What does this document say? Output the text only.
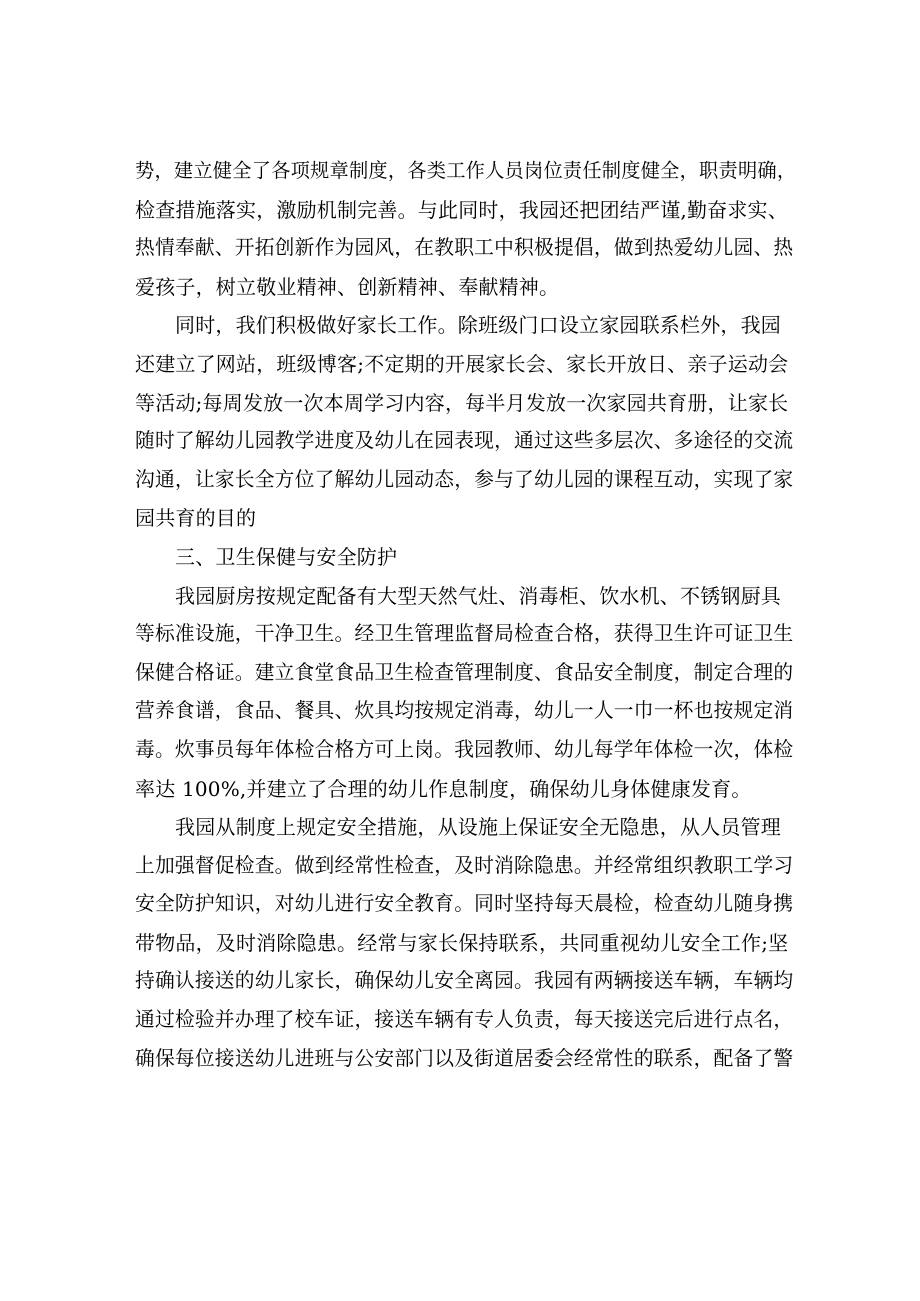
势，建立健全了各项规章制度，各类工作人员岗位责任制度健全，职责明确，
检查措施落实，激励机制完善。与此同时，我园还把团结严谨,勤奋求实、
热情奉献、开拓创新作为园风，在教职工中积极提倡，做到热爱幼儿园、热
爱孩子，树立敬业精神、创新精神、奉献精神。
同时，我们积极做好家长工作。除班级门口设立家园联系栏外，我园
还建立了网站，班级博客;不定期的开展家长会、家长开放日、亲子运动会
等活动;每周发放一次本周学习内容，每半月发放一次家园共育册，让家长
随时了解幼儿园教学进度及幼儿在园表现，通过这些多层次、多途径的交流
沟通，让家长全方位了解幼儿园动态，参与了幼儿园的课程互动，实现了家
园共育的目的
三、卫生保健与安全防护
我园厨房按规定配备有大型天然气灶、消毒柜、饮水机、不锈钢厨具
等标准设施，干净卫生。经卫生管理监督局检查合格，获得卫生许可证卫生
保健合格证。建立食堂食品卫生检查管理制度、食品安全制度，制定合理的
营养食谱，食品、餐具、炊具均按规定消毒，幼儿一人一巾一杯也按规定消
毒。炊事员每年体检合格方可上岗。我园教师、幼儿每学年体检一次，体检
率达 100%,并建立了合理的幼儿作息制度，确保幼儿身体健康发育。
我园从制度上规定安全措施，从设施上保证安全无隐患，从人员管理
上加强督促检查。做到经常性检查，及时消除隐患。并经常组织教职工学习
安全防护知识，对幼儿进行安全教育。同时坚持每天晨检，检查幼儿随身携
带物品，及时消除隐患。经常与家长保持联系，共同重视幼儿安全工作;坚
持确认接送的幼儿家长，确保幼儿安全离园。我园有两辆接送车辆，车辆均
通过检验并办理了校车证，接送车辆有专人负责，每天接送完后进行点名，
确保每位接送幼儿进班与公安部门以及街道居委会经常性的联系，配备了警
